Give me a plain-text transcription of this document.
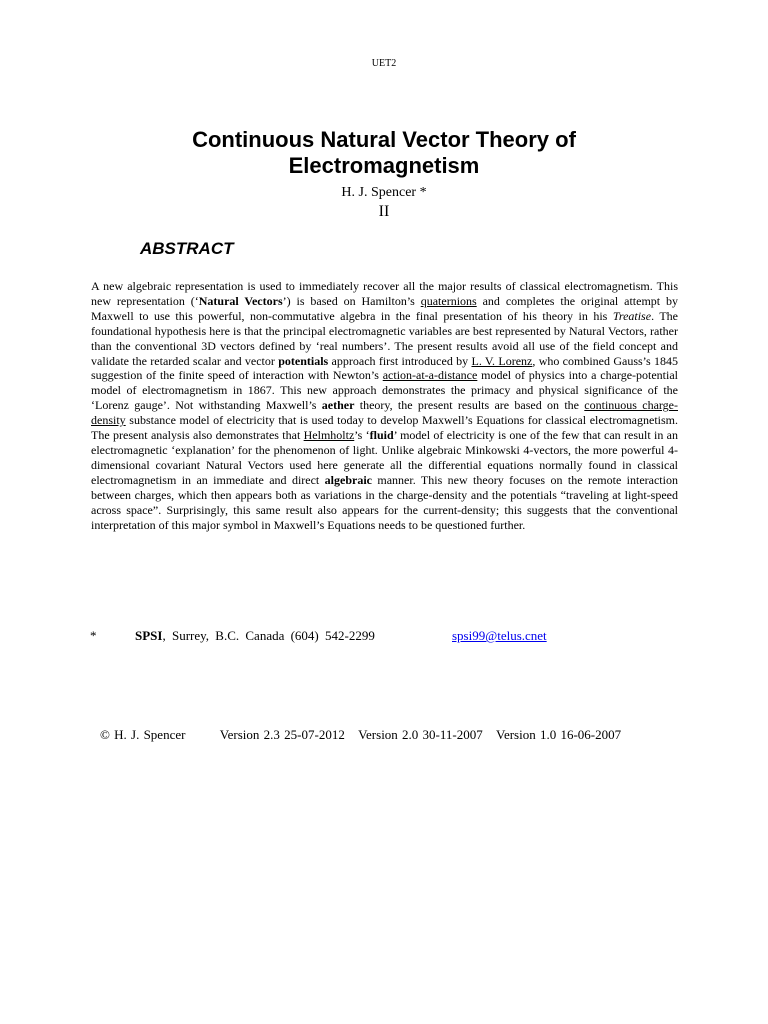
UET2
Continuous Natural Vector Theory of
Electromagnetism
H. J. Spencer *
II
ABSTRACT

A new algebraic representation is used to immediately recover all the major results of classical electromagnetism. This new representation (‘Natural Vectors’) is based on Hamilton’s quaternions and completes the original attempt by Maxwell to use this powerful, non-commutative algebra in the final presentation of his theory in his Treatise. The foundational hypothesis here is that the principal electromagnetic variables are best represented by Natural Vectors, rather than the conventional 3D vectors defined by ‘real numbers’. The present results avoid all use of the field concept and validate the retarded scalar and vector potentials approach first introduced by L. V. Lorenz, who combined Gauss’s 1845 suggestion of the finite speed of interaction with Newton’s action-at-a-distance model of physics into a charge-potential model of electromagnetism in 1867. This new approach demonstrates the primacy and physical significance of the ‘Lorenz gauge’. Not withstanding Maxwell’s aether theory, the present results are based on the continuous charge-density substance model of electricity that is used today to develop Maxwell’s Equations for classical electromagnetism. The present analysis also demonstrates that Helmholtz’s ‘fluid’ model of electricity is one of the few that can result in an electromagnetic ‘explanation’ for the phenomenon of light. Unlike algebraic Minkowski 4-vectors, the more powerful 4-dimensional covariant Natural Vectors used here generate all the differential equations normally found in classical electromagnetism in an immediate and direct algebraic manner. This new theory focuses on the remote interaction between charges, which then appears both as variations in the charge-density and the potentials “traveling at light-speed across space”. Surprisingly, this same result also appears for the current-density; this suggests that the conventional interpretation of this major symbol in Maxwell’s Equations needs to be questioned further.

*	SPSI, Surrey, B.C. Canada (604) 542-2299	spsi99@telus.cnet
© H. J. Spencer	Version 2.3 25-07-2012 Version 2.0 30-11-2007 Version 1.0 16-06-2007
